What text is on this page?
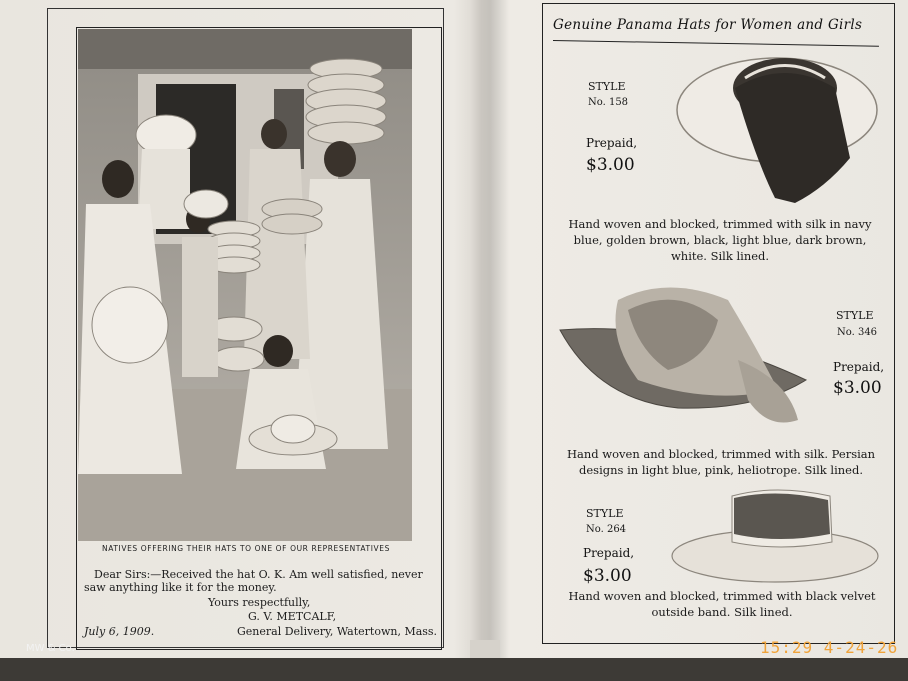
NATIVES OFFERING THEIR HATS TO ONE OF OUR REPRESENTATIVES
Dear Sirs:—Received the hat O. K. Am well satisfied, never
saw anything like it for the money.
Yours respectfully,
G. V. METCALF,
July 6, 1909.	General Delivery, Watertown, Mass.
Genuine Panama Hats for Women and Girls
STYLE
No. 158
Prepaid,
$3.00
Hand woven and blocked, trimmed with silk in navy blue, golden brown, black, light blue, dark brown, white. Silk lined.
STYLE
No. 346
Prepaid,
$3.00
Hand woven and blocked, trimmed with silk. Persian designs in light blue, pink, heliotrope. Silk lined.
STYLE
No. 264
Prepaid,
$3.00
Hand woven and blocked, trimmed with black velvet outside band. Silk lined.
MW & Co.	15:29 4-24-26
